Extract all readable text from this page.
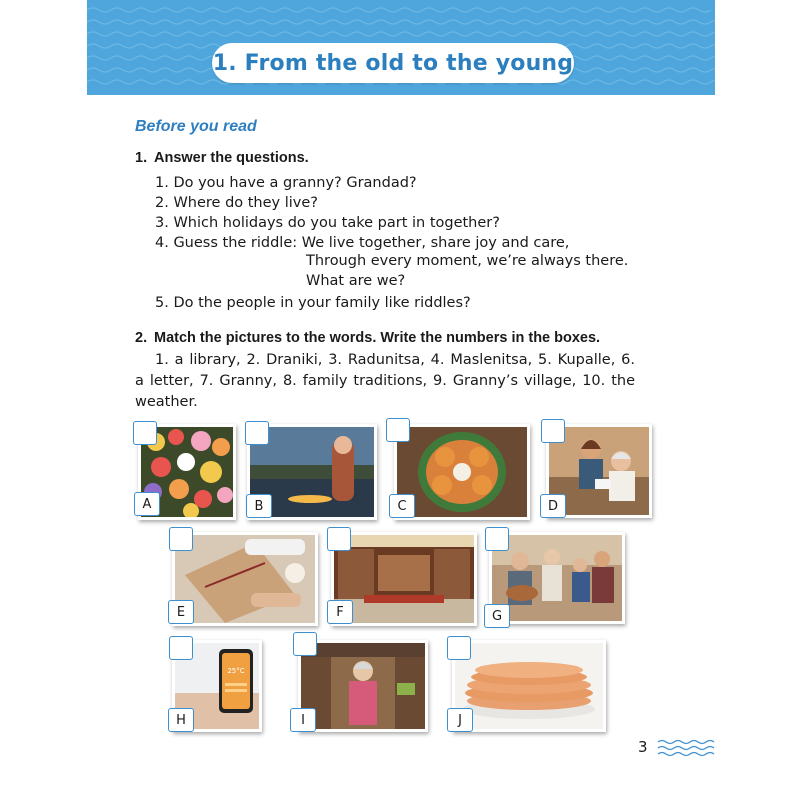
1. From the old to the young
Before you read
1. Answer the questions.
1. Do you have a granny? Grandad?
2. Where do they live?
3. Which holidays do you take part in together?
4. Guess the riddle: We live together, share joy and care,
Through every moment, we’re always there.
What are we?
5. Do the people in your family like riddles?
2. Match the pictures to the words. Write the numbers in the boxes.
1. a library, 2. Draniki, 3. Radunitsa, 4. Maslenitsa, 5. Kupalle, 6. a letter, 7. Granny, 8. family traditions, 9. Granny’s village, 10. the weather.
A	B	C	D
E	F	G
25°C
H	I	J
3
